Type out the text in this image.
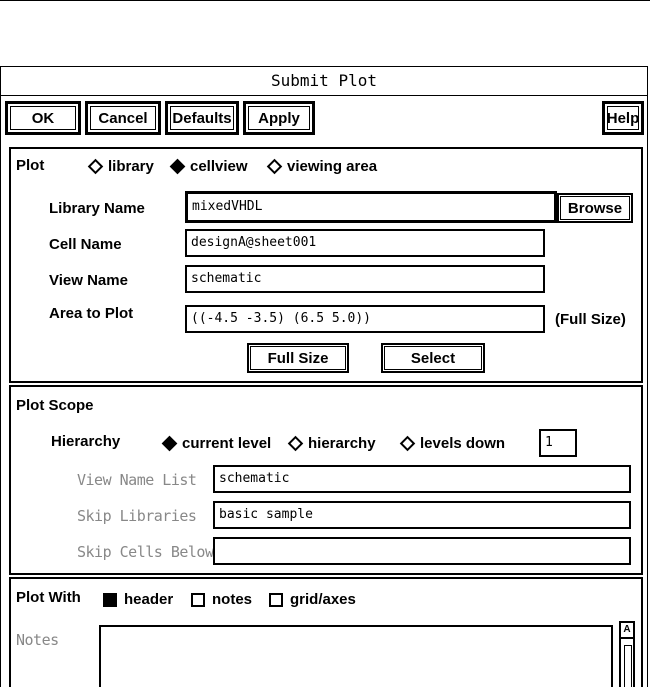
Submit Plot
OK	Cancel	Defaults	Apply	Help
Plot	library cellview	viewing area
Library Name	mixedVHDL	Browse
Cell Name	designA@sheet001
View Name	schematic
Area to Plot	((-4.5 -3.5) (6.5 5.0))	(Full Size)
Full Size	Select
Plot Scope
Hierarchy	current level hierarchy	levels down	1
View Name List	schematic
Skip Libraries	basic sample
Skip Cells Below
Plot With	header	notes	grid/axes
Notes
A
